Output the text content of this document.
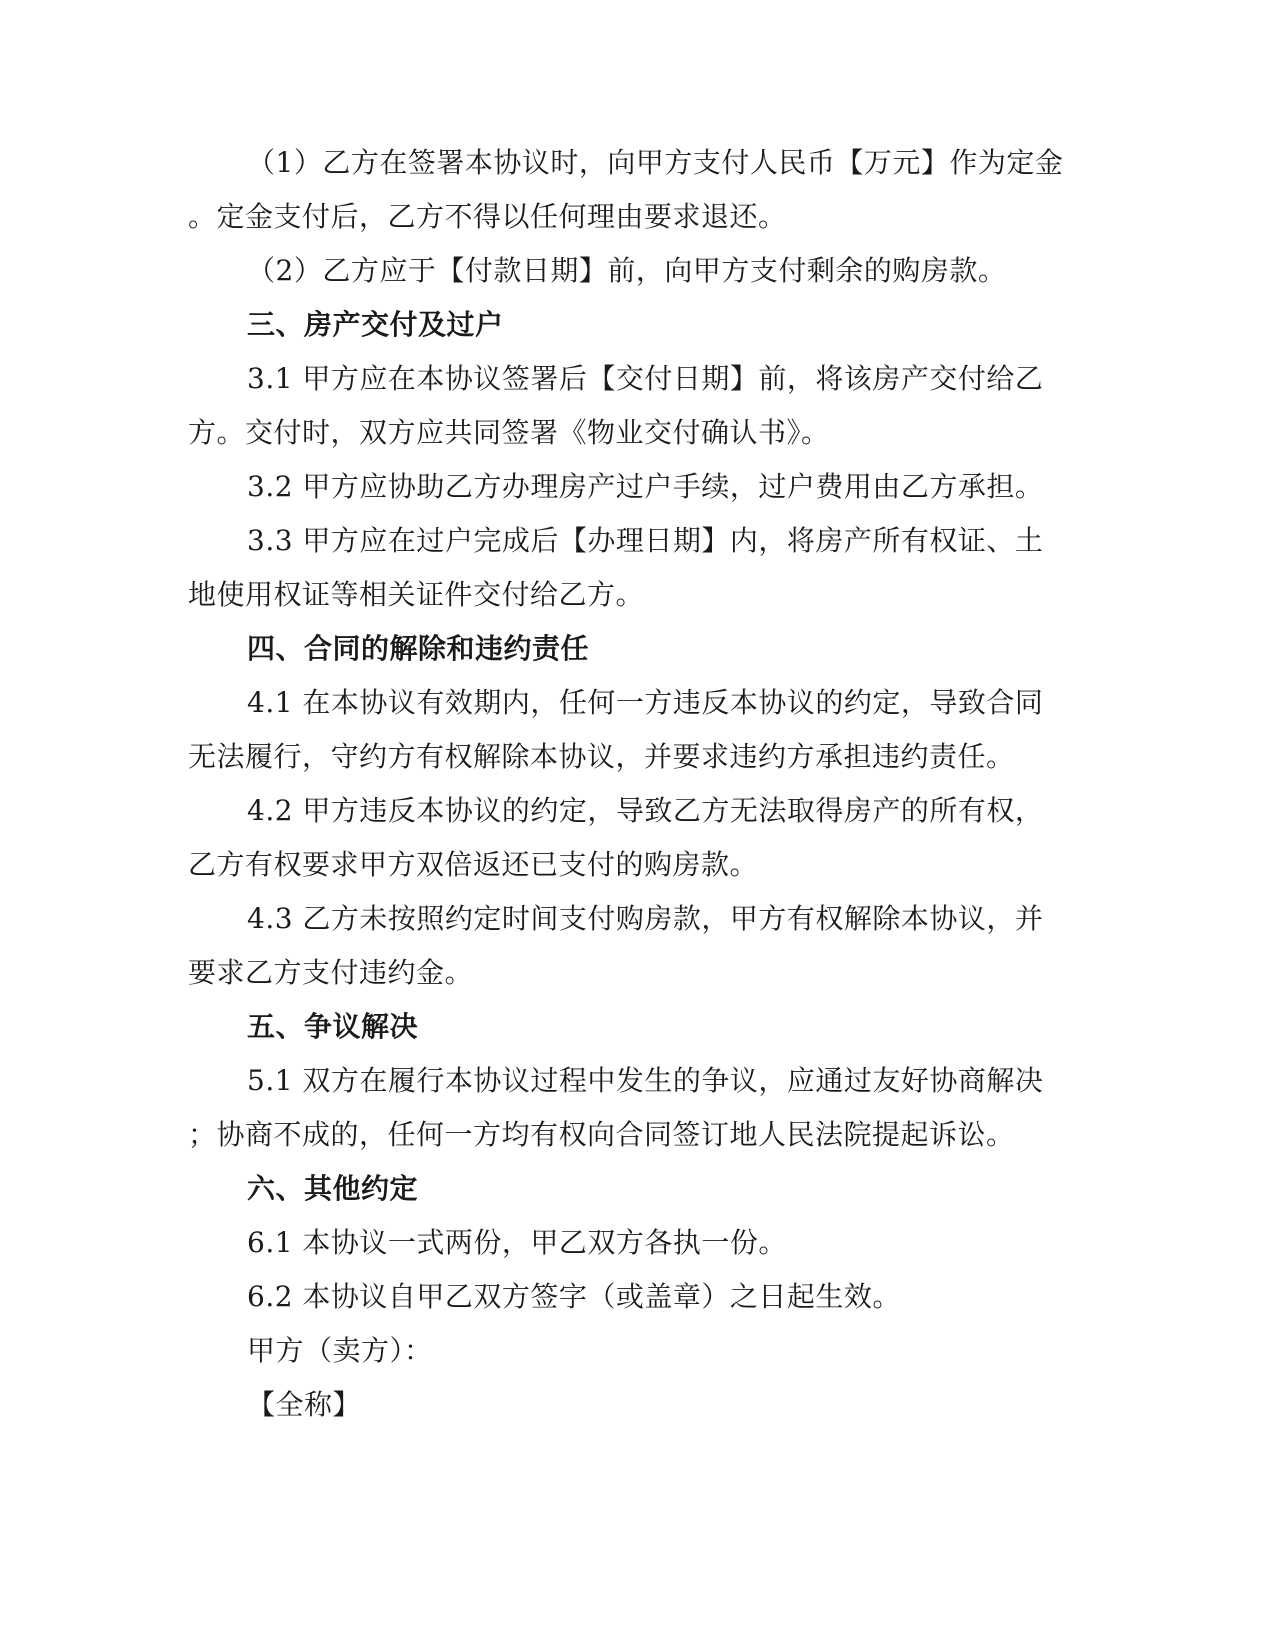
（1）乙方在签署本协议时，向甲方支付人民币【万元】作为定金
。定金支付后，乙方不得以任何理由要求退还。
（2）乙方应于【付款日期】前，向甲方支付剩余的购房款。
三、房产交付及过户
3.1 甲方应在本协议签署后【交付日期】前，将该房产交付给乙
方。交付时，双方应共同签署《物业交付确认书》。
3.2 甲方应协助乙方办理房产过户手续，过户费用由乙方承担。
3.3 甲方应在过户完成后【办理日期】内，将房产所有权证、土
地使用权证等相关证件交付给乙方。
四、合同的解除和违约责任
4.1 在本协议有效期内，任何一方违反本协议的约定，导致合同
无法履行，守约方有权解除本协议，并要求违约方承担违约责任。
4.2 甲方违反本协议的约定，导致乙方无法取得房产的所有权，
乙方有权要求甲方双倍返还已支付的购房款。
4.3 乙方未按照约定时间支付购房款，甲方有权解除本协议，并
要求乙方支付违约金。
五、争议解决
5.1 双方在履行本协议过程中发生的争议，应通过友好协商解决
；协商不成的，任何一方均有权向合同签订地人民法院提起诉讼。
六、其他约定
6.1 本协议一式两份，甲乙双方各执一份。
6.2 本协议自甲乙双方签字（或盖章）之日起生效。
甲方（卖方）：
【全称】
